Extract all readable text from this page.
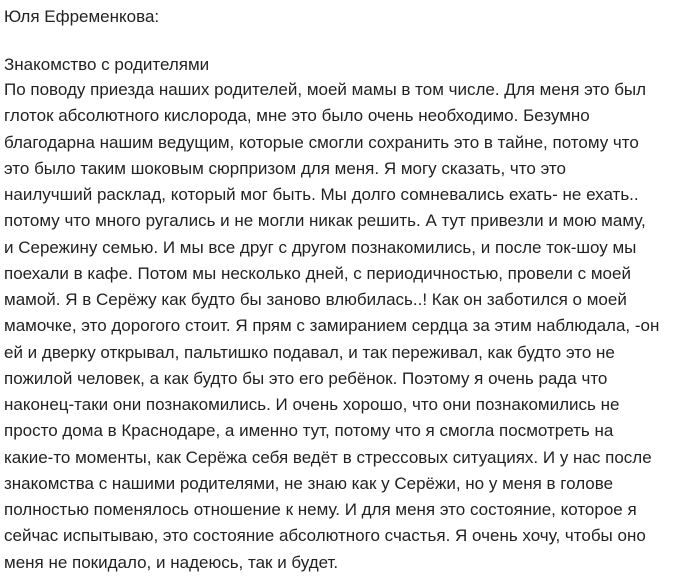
Юля Ефременкова:
Знакомство с родителями
По поводу приезда наших родителей, моей мамы в том числе. Для меня это был
глоток абсолютного кислорода, мне это было очень необходимо. Безумно
благодарна нашим ведущим, которые смогли сохранить это в тайне, потому что
это было таким шоковым сюрпризом для меня. Я могу сказать, что это
наилучший расклад, который мог быть. Мы долго сомневались ехать- не ехать..
потому что много ругались и не могли никак решить. А тут привезли и мою маму,
и Сережину семью. И мы все друг с другом познакомились, и после ток-шоу мы
поехали в кафе. Потом мы несколько дней, с периодичностью, провели с моей
мамой. Я в Серёжу как будто бы заново влюбилась..! Как он заботился о моей
мамочке, это дорогого стоит. Я прям с замиранием сердца за этим наблюдала, -он
ей и дверку открывал, пальтишко подавал, и так переживал, как будто это не
пожилой человек, а как будто бы это его ребёнок. Поэтому я очень рада что
наконец-таки они познакомились. И очень хорошо, что они познакомились не
просто дома в Краснодаре, а именно тут, потому что я смогла посмотреть на
какие-то моменты, как Серёжа себя ведёт в стрессовых ситуациях. И у нас после
знакомства с нашими родителями, не знаю как у Серёжи, но у меня в голове
полностью поменялось отношение к нему. И для меня это состояние, которое я
сейчас испытываю, это состояние абсолютного счастья. Я очень хочу, чтобы оно
меня не покидало, и надеюсь, так и будет.
